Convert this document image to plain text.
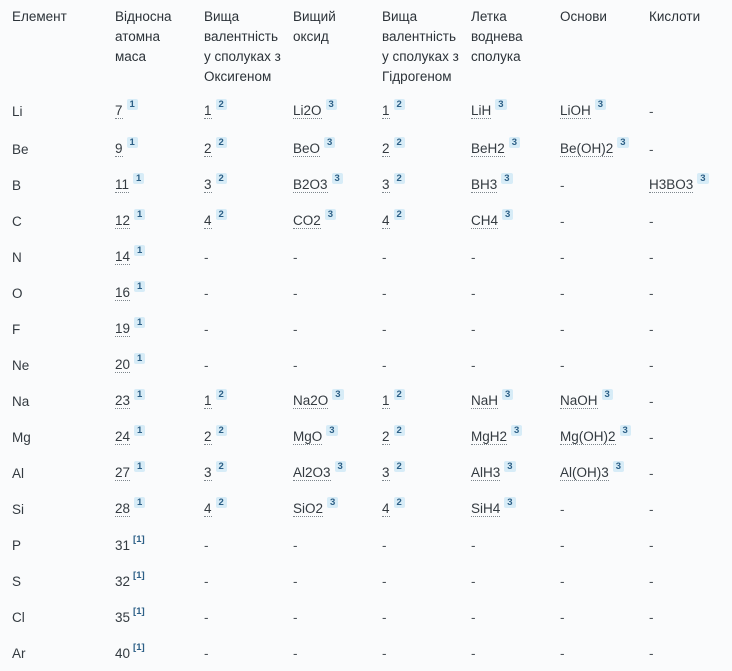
Елемент	Відносна атомна маса	Вища валентність у сполуках з Оксигеном	Вищий оксид	Вища валентність у сполуках з Гідрогеном	Летка воднева сполука	Основи	Кислоти
Li	7 1	1 2	Li2O 3	1 2	LiH 3	LiOH 3	-
Be	9 1	2 2	BeO 3	2 2	BeH2 3	Be(OH)2 3	-
B	11 1	3 2	B2O3 3	3 2	BH3 3	-	H3BO3 3
C	12 1	4 2	CO2 3	4 2	CH4 3	-	-
N	14 1	-	-	-	-	-	-
O	16 1	-	-	-	-	-	-
F	19 1	-	-	-	-	-	-
Ne	20 1	-	-	-	-	-	-
Na	23 1	1 2	Na2O 3	1 2	NaH 3	NaOH 3	-
Mg	24 1	2 2	MgO 3	2 2	MgH2 3	Mg(OH)2 3	-
Al	27 1	3 2	Al2O3 3	3 2	AlH3 3	Al(OH)3 3	-
Si	28 1	4 2	SiO2 3	4 2	SiH4 3	-	-
P	31 [1]	-	-	-	-	-	-
S	32 [1]	-	-	-	-	-	-
Cl	35 [1]	-	-	-	-	-	-
Ar	40 [1]	-	-	-	-	-	-
